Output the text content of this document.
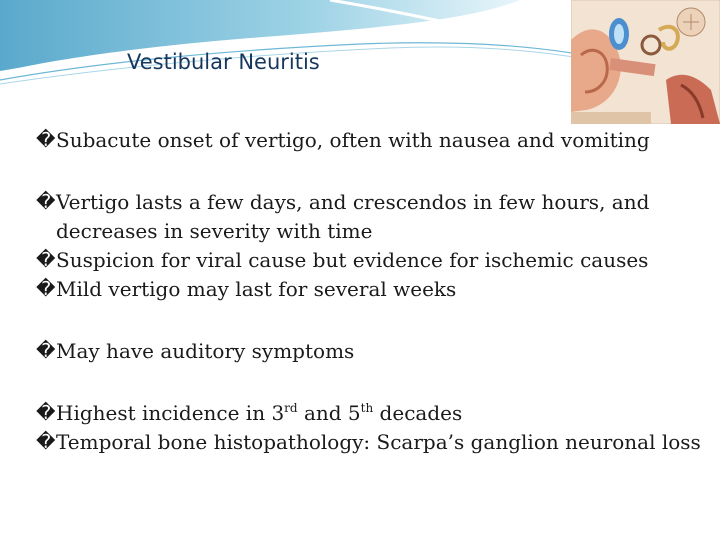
Vestibular Neuritis
� Subacute onset of vertigo, often with nausea and vomiting
� Vertigo lasts a few days, and crescendos in few hours, and
decreases in severity with time
� Suspicion for viral cause but evidence for ischemic causes
� Mild vertigo may last for several weeks
� May have auditory symptoms
� Highest incidence in 3rd and 5th decades
� Temporal bone histopathology: Scarpa’s ganglion neuronal loss
